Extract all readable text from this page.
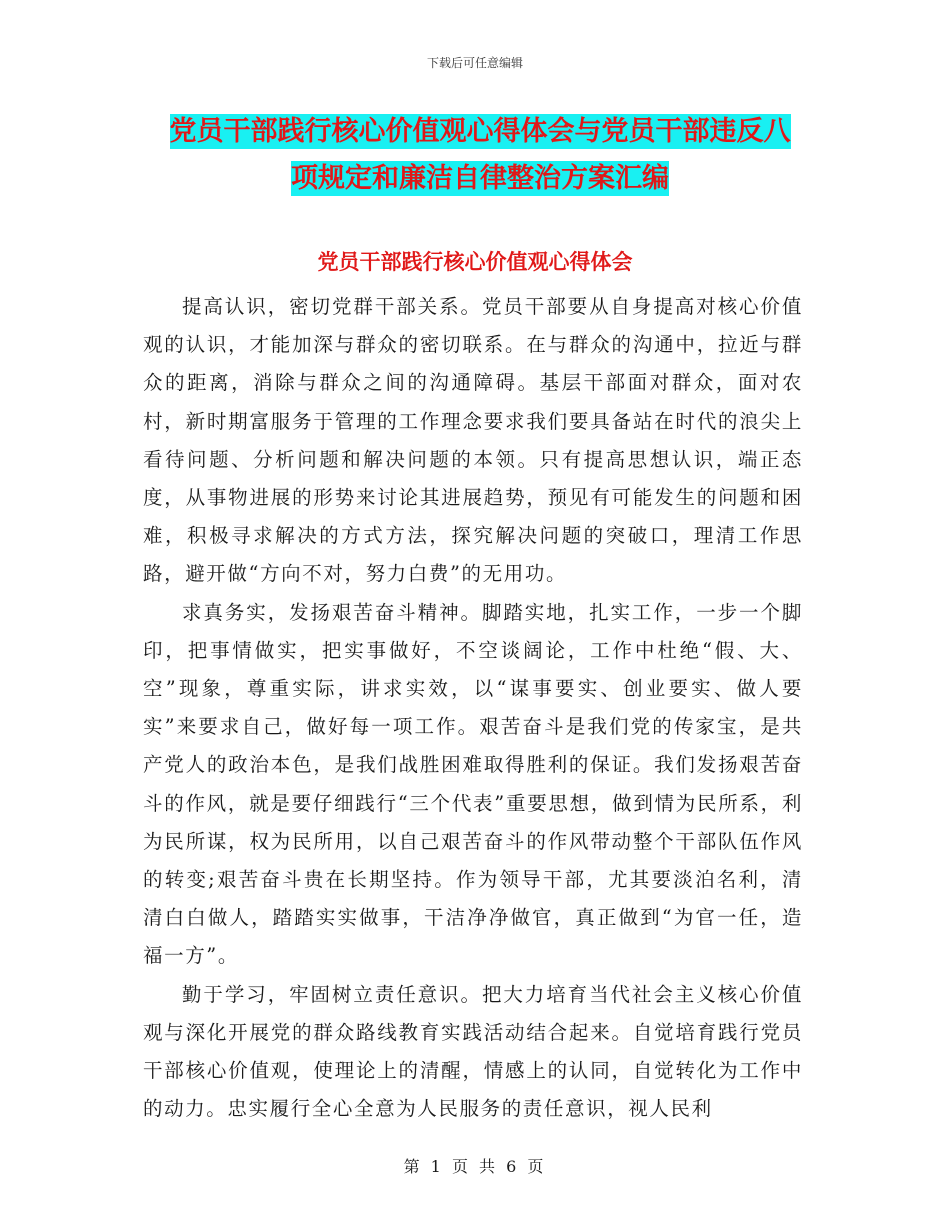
下载后可任意编辑
党员干部践行核心价值观心得体会与党员干部违反八
项规定和廉洁自律整治方案汇编
党员干部践行核心价值观心得体会

提高认识，密切党群干部关系。党员干部要从自身提高对核心价值观的认识，才能加深与群众的密切联系。在与群众的沟通中，拉近与群众的距离，消除与群众之间的沟通障碍。基层干部面对群众，面对农村，新时期富服务于管理的工作理念要求我们要具备站在时代的浪尖上看待问题、分析问题和解决问题的本领。只有提高思想认识，端正态度，从事物进展的形势来讨论其进展趋势，预见有可能发生的问题和困难，积极寻求解决的方式方法，探究解决问题的突破口，理清工作思路，避开做“方向不对，努力白费”的无用功。

求真务实，发扬艰苦奋斗精神。脚踏实地，扎实工作，一步一个脚印，把事情做实，把实事做好，不空谈阔论，工作中杜绝“假、大、空”现象，尊重实际，讲求实效，以“谋事要实、创业要实、做人要实”来要求自己，做好每一项工作。艰苦奋斗是我们党的传家宝，是共产党人的政治本色，是我们战胜困难取得胜利的保证。我们发扬艰苦奋斗的作风，就是要仔细践行“三个代表”重要思想，做到情为民所系，利为民所谋，权为民所用，以自己艰苦奋斗的作风带动整个干部队伍作风的转变;艰苦奋斗贵在长期坚持。作为领导干部，尤其要淡泊名利，清清白白做人，踏踏实实做事，干洁净净做官，真正做到“为官一任，造福一方”。

勤于学习，牢固树立责任意识。把大力培育当代社会主义核心价值观与深化开展党的群众路线教育实践活动结合起来。自觉培育践行党员干部核心价值观，使理论上的清醒，情感上的认同，自觉转化为工作中的动力。忠实履行全心全意为人民服务的责任意识，视人民利

第 1 页 共 6 页
